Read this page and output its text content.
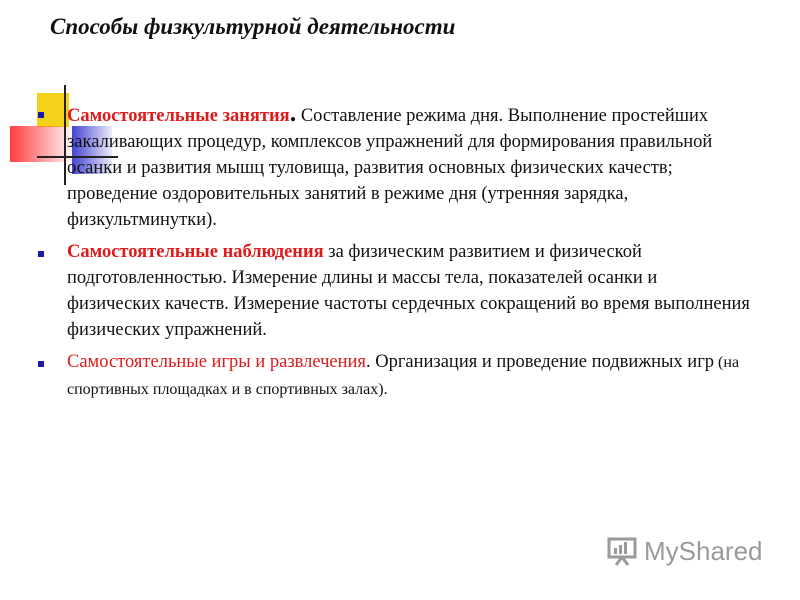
Способы физкультурной деятельности
Самостоятельные занятия. Составление режима дня. Выполнение простейших закаливающих процедур, комплексов упражнений для формирования правильной осанки и развития мышц туловища, развития основных физических качеств; проведение оздоровительных занятий в режиме дня (утренняя зарядка, физкультминутки).
Самостоятельные наблюдения за физическим развитием и физической подготовленностью. Измерение длины и массы тела, показателей осанки и физических качеств. Измерение частоты сердечных сокращений во время выполнения физических упражнений.
Самостоятельные игры и развлечения. Организация и проведение подвижных игр (на спортивных площадках и в спортивных залах).
MyShared
